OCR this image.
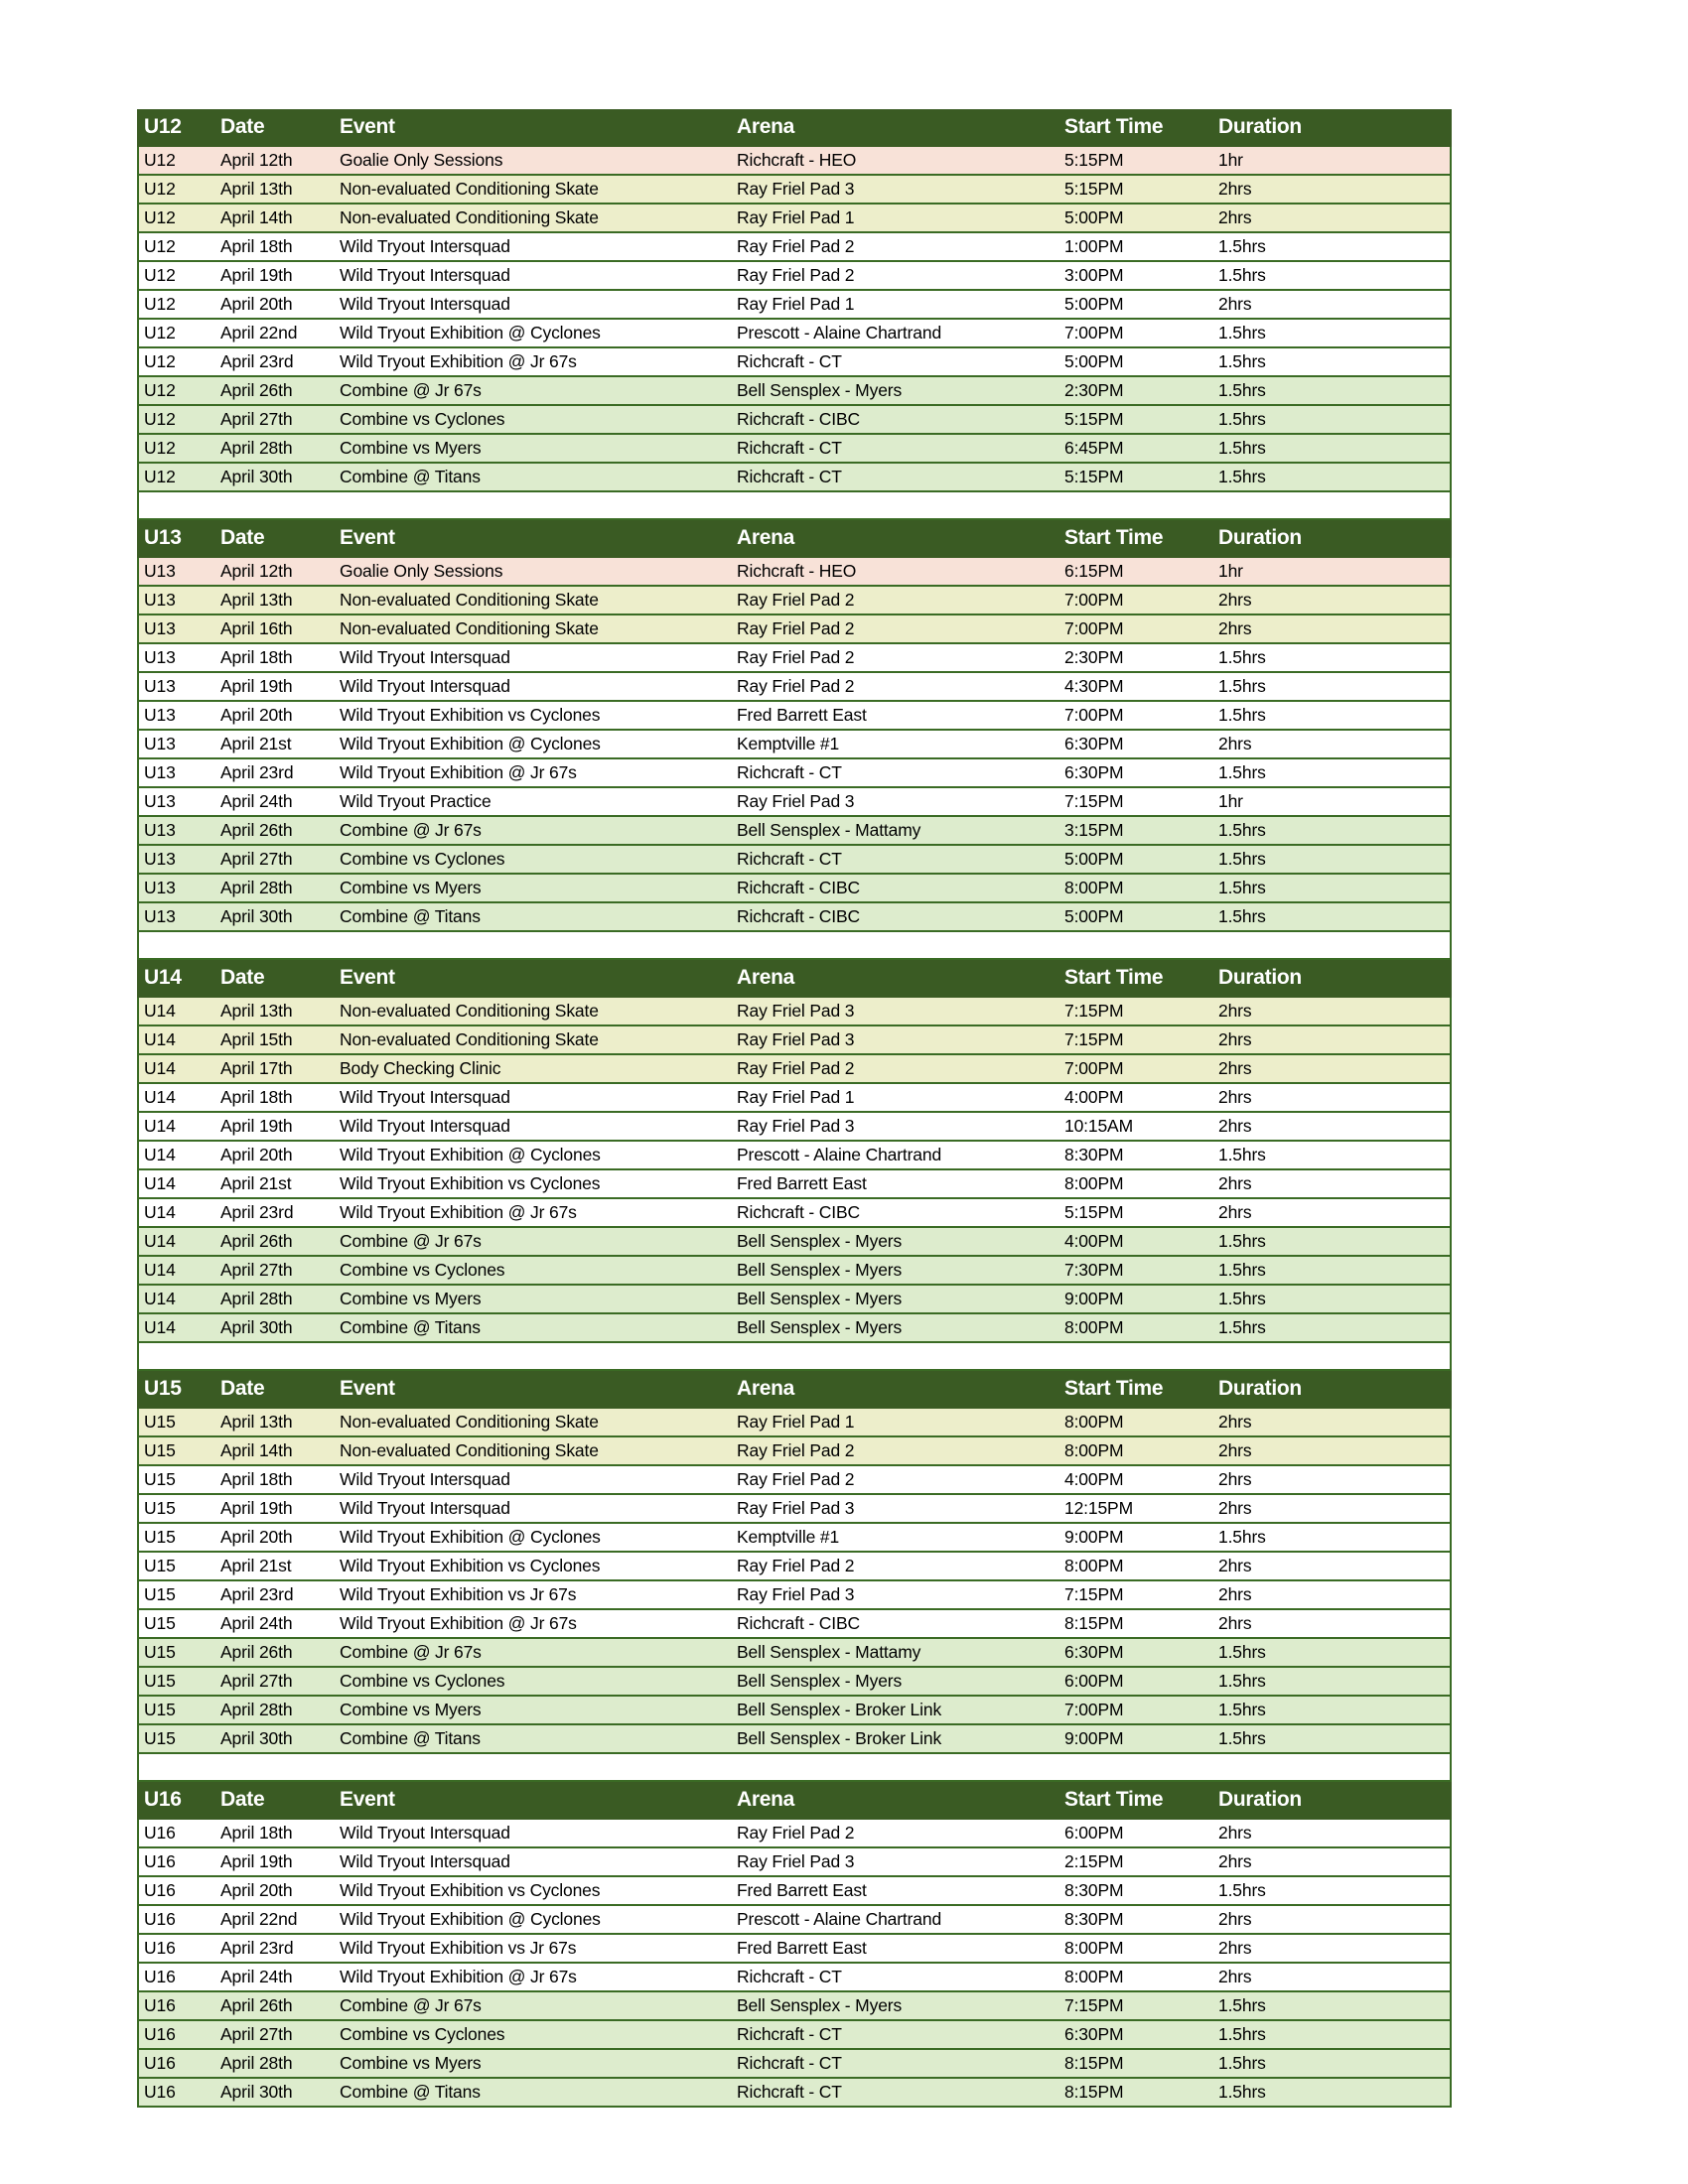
U12	Date	Event	Arena	Start Time	Duration
U12	April 12th	Goalie Only Sessions	Richcraft - HEO	5:15PM	1hr
U12	April 13th	Non-evaluated Conditioning Skate	Ray Friel Pad 3	5:15PM	2hrs
U12	April 14th	Non-evaluated Conditioning Skate	Ray Friel Pad 1	5:00PM	2hrs
U12	April 18th	Wild Tryout Intersquad	Ray Friel Pad 2	1:00PM	1.5hrs
U12	April 19th	Wild Tryout Intersquad	Ray Friel Pad 2	3:00PM	1.5hrs
U12	April 20th	Wild Tryout Intersquad	Ray Friel Pad 1	5:00PM	2hrs
U12	April 22nd	Wild Tryout Exhibition @ Cyclones	Prescott - Alaine Chartrand	7:00PM	1.5hrs
U12	April 23rd	Wild Tryout Exhibition @ Jr 67s	Richcraft - CT	5:00PM	1.5hrs
U12	April 26th	Combine @ Jr 67s	Bell Sensplex - Myers	2:30PM	1.5hrs
U12	April 27th	Combine vs Cyclones	Richcraft - CIBC	5:15PM	1.5hrs
U12	April 28th	Combine vs Myers	Richcraft - CT	6:45PM	1.5hrs
U12	April 30th	Combine @ Titans	Richcraft - CT	5:15PM	1.5hrs

U13	Date	Event	Arena	Start Time	Duration
U13	April 12th	Goalie Only Sessions	Richcraft - HEO	6:15PM	1hr
U13	April 13th	Non-evaluated Conditioning Skate	Ray Friel Pad 2	7:00PM	2hrs
U13	April 16th	Non-evaluated Conditioning Skate	Ray Friel Pad 2	7:00PM	2hrs
U13	April 18th	Wild Tryout Intersquad	Ray Friel Pad 2	2:30PM	1.5hrs
U13	April 19th	Wild Tryout Intersquad	Ray Friel Pad 2	4:30PM	1.5hrs
U13	April 20th	Wild Tryout Exhibition vs Cyclones	Fred Barrett East	7:00PM	1.5hrs
U13	April 21st	Wild Tryout Exhibition @ Cyclones	Kemptville #1	6:30PM	2hrs
U13	April 23rd	Wild Tryout Exhibition @ Jr 67s	Richcraft - CT	6:30PM	1.5hrs
U13	April 24th	Wild Tryout Practice	Ray Friel Pad 3	7:15PM	1hr
U13	April 26th	Combine @ Jr 67s	Bell Sensplex - Mattamy	3:15PM	1.5hrs
U13	April 27th	Combine vs Cyclones	Richcraft - CT	5:00PM	1.5hrs
U13	April 28th	Combine vs Myers	Richcraft - CIBC	8:00PM	1.5hrs
U13	April 30th	Combine @ Titans	Richcraft - CIBC	5:00PM	1.5hrs

U14	Date	Event	Arena	Start Time	Duration
U14	April 13th	Non-evaluated Conditioning Skate	Ray Friel Pad 3	7:15PM	2hrs
U14	April 15th	Non-evaluated Conditioning Skate	Ray Friel Pad 3	7:15PM	2hrs
U14	April 17th	Body Checking Clinic	Ray Friel Pad 2	7:00PM	2hrs
U14	April 18th	Wild Tryout Intersquad	Ray Friel Pad 1	4:00PM	2hrs
U14	April 19th	Wild Tryout Intersquad	Ray Friel Pad 3	10:15AM	2hrs
U14	April 20th	Wild Tryout Exhibition @ Cyclones	Prescott - Alaine Chartrand	8:30PM	1.5hrs
U14	April 21st	Wild Tryout Exhibition vs Cyclones	Fred Barrett East	8:00PM	2hrs
U14	April 23rd	Wild Tryout Exhibition @ Jr 67s	Richcraft - CIBC	5:15PM	2hrs
U14	April 26th	Combine @ Jr 67s	Bell Sensplex - Myers	4:00PM	1.5hrs
U14	April 27th	Combine vs Cyclones	Bell Sensplex - Myers	7:30PM	1.5hrs
U14	April 28th	Combine vs Myers	Bell Sensplex - Myers	9:00PM	1.5hrs
U14	April 30th	Combine @ Titans	Bell Sensplex - Myers	8:00PM	1.5hrs

U15	Date	Event	Arena	Start Time	Duration
U15	April 13th	Non-evaluated Conditioning Skate	Ray Friel Pad 1	8:00PM	2hrs
U15	April 14th	Non-evaluated Conditioning Skate	Ray Friel Pad 2	8:00PM	2hrs
U15	April 18th	Wild Tryout Intersquad	Ray Friel Pad 2	4:00PM	2hrs
U15	April 19th	Wild Tryout Intersquad	Ray Friel Pad 3	12:15PM	2hrs
U15	April 20th	Wild Tryout Exhibition @ Cyclones	Kemptville #1	9:00PM	1.5hrs
U15	April 21st	Wild Tryout Exhibition vs Cyclones	Ray Friel Pad 2	8:00PM	2hrs
U15	April 23rd	Wild Tryout Exhibition vs Jr 67s	Ray Friel Pad 3	7:15PM	2hrs
U15	April 24th	Wild Tryout Exhibition @ Jr 67s	Richcraft - CIBC	8:15PM	2hrs
U15	April 26th	Combine @ Jr 67s	Bell Sensplex - Mattamy	6:30PM	1.5hrs
U15	April 27th	Combine vs Cyclones	Bell Sensplex - Myers	6:00PM	1.5hrs
U15	April 28th	Combine vs Myers	Bell Sensplex - Broker Link	7:00PM	1.5hrs
U15	April 30th	Combine @ Titans	Bell Sensplex - Broker Link	9:00PM	1.5hrs

U16	Date	Event	Arena	Start Time	Duration
U16	April 18th	Wild Tryout Intersquad	Ray Friel Pad 2	6:00PM	2hrs
U16	April 19th	Wild Tryout Intersquad	Ray Friel Pad 3	2:15PM	2hrs
U16	April 20th	Wild Tryout Exhibition vs Cyclones	Fred Barrett East	8:30PM	1.5hrs
U16	April 22nd	Wild Tryout Exhibition @ Cyclones	Prescott - Alaine Chartrand	8:30PM	2hrs
U16	April 23rd	Wild Tryout Exhibition vs Jr 67s	Fred Barrett East	8:00PM	2hrs
U16	April 24th	Wild Tryout Exhibition @ Jr 67s	Richcraft - CT	8:00PM	2hrs
U16	April 26th	Combine @ Jr 67s	Bell Sensplex - Myers	7:15PM	1.5hrs
U16	April 27th	Combine vs Cyclones	Richcraft - CT	6:30PM	1.5hrs
U16	April 28th	Combine vs Myers	Richcraft - CT	8:15PM	1.5hrs
U16	April 30th	Combine @ Titans	Richcraft - CT	8:15PM	1.5hrs
